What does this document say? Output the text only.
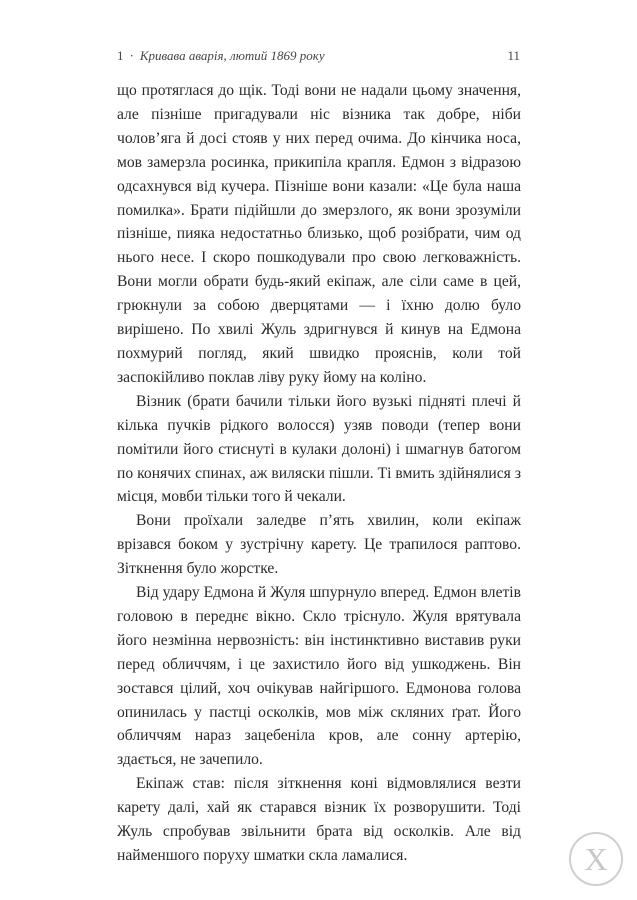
1 · Кривава аварія, лютий 1869 року	11

що протяглася до щік. Тоді вони не надали цьому значення, але пізніше пригадували ніс візника так добре, ніби чоловʼяга й досі стояв у них перед очима. До кінчика носа, мов замерзла росинка, прикипіла крапля. Едмон з відразою одсахнувся від кучера. Пізніше вони казали: «Це була наша помилка». Брати підійшли до змерзлого, як вони зрозуміли пізніше, пияка недостатньо близько, щоб розібрати, чим од нього несе. І скоро пошкодували про свою легковажність. Вони могли обрати будь-який екіпаж, але сіли саме в цей, грюкнули за собою дверцятами — і їхню долю було вирішено. По хвилі Жуль здригнувся й кинув на Едмона похмурий погляд, який швидко прояснів, коли той заспокійливо поклав ліву руку йому на коліно.

Візник (брати бачили тільки його вузькі підняті плечі й кілька пучків рідкого волосся) узяв поводи (тепер вони помітили його стиснуті в кулаки долоні) і шмагнув батогом по конячих спинах, аж виляски пішли. Ті вмить здійнялися з місця, мовби тільки того й чекали.

Вони проїхали заледве пʼять хвилин, коли екіпаж врізався боком у зустрічну карету. Це трапилося раптово. Зіткнення було жорстке.

Від удару Едмона й Жуля шпурнуло вперед. Едмон влетів головою в переднє вікно. Скло тріснуло. Жуля врятувала його незмінна нервозність: він інстинктивно виставив руки перед обличчям, і це захистило його від ушкоджень. Він зостався цілий, хоч очікував найгіршого. Едмонова голова опинилась у пастці осколків, мов між скляних ґрат. Його обличчям нараз зацебеніла кров, але сонну артерію, здається, не зачепило.

Екіпаж став: після зіткнення коні відмовлялися везти карету далі, хай як старався візник їх розворушити. Тоді Жуль спробував звільнити брата від осколків. Але від найменшого поруху шматки скла ламалися.	Х
